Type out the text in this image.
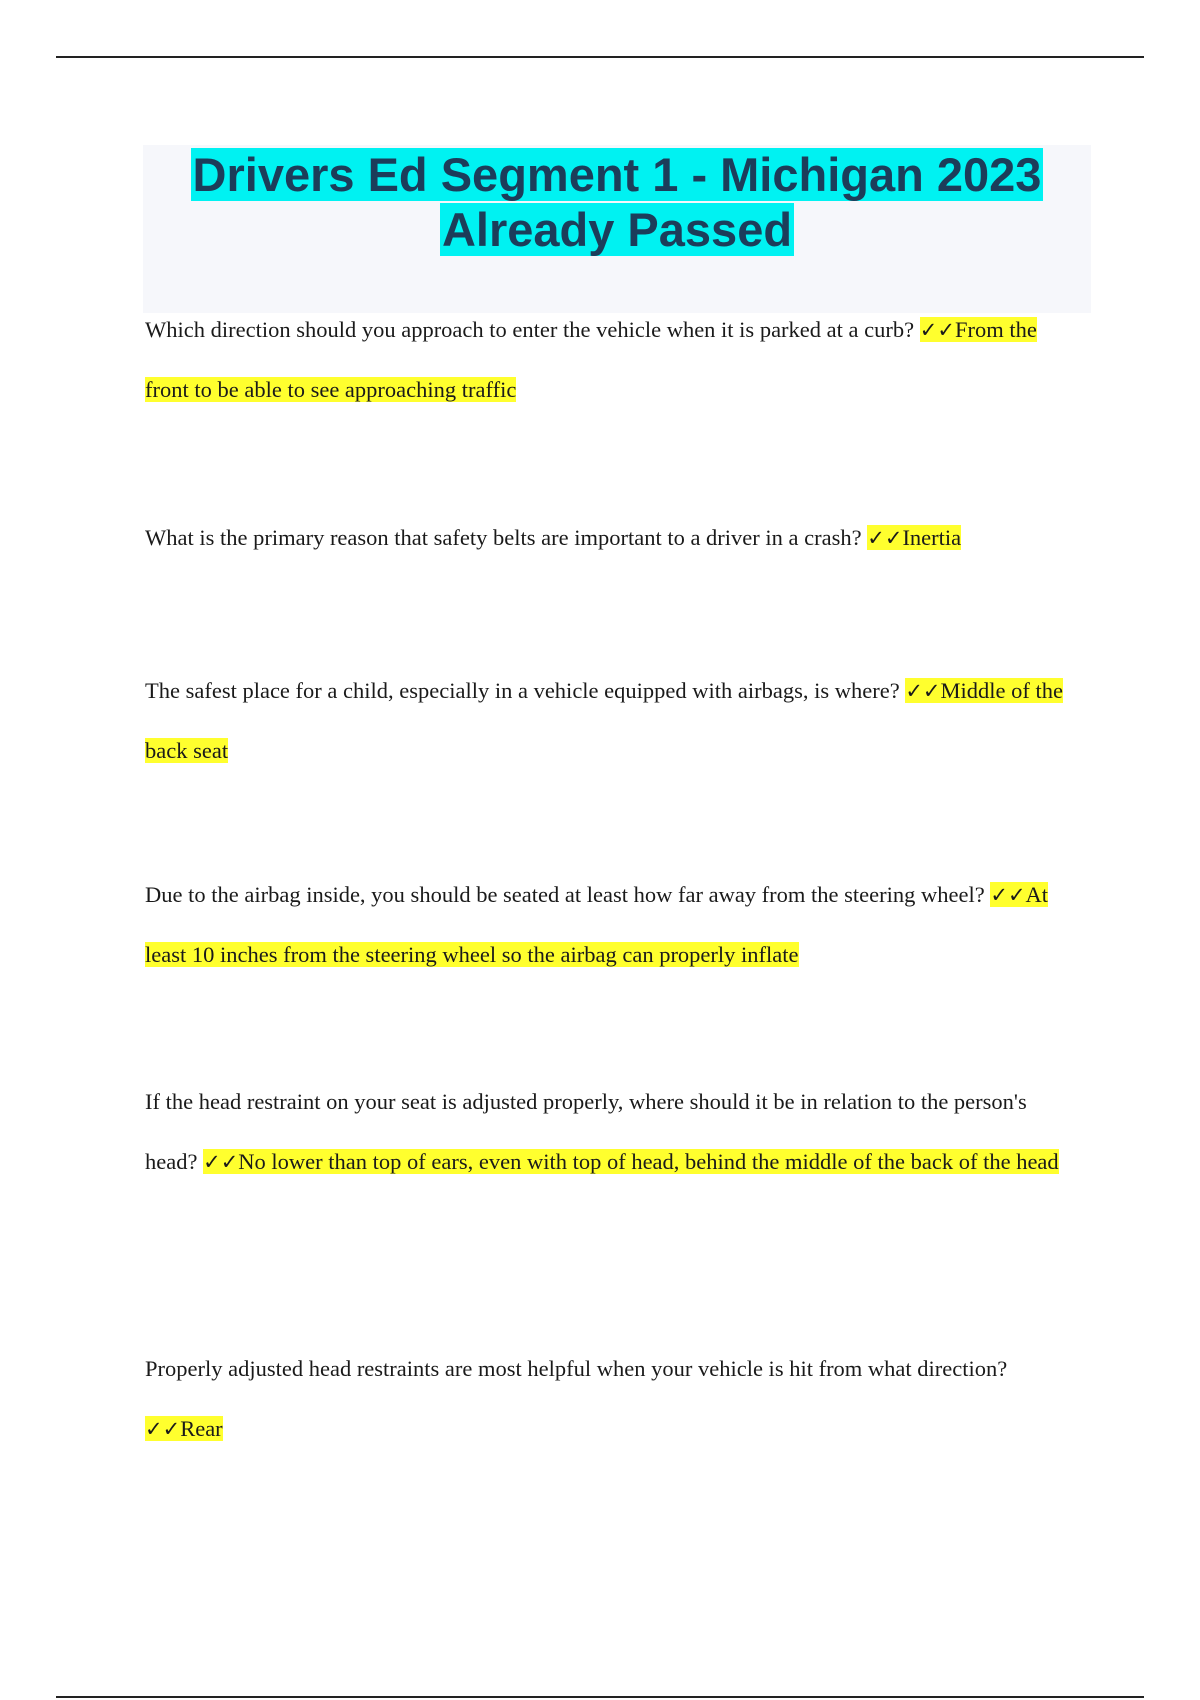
Drivers Ed Segment 1 - Michigan 2023
Already Passed

Which direction should you approach to enter the vehicle when it is parked at a curb? ✓✓From the front to be able to see approaching traffic

What is the primary reason that safety belts are important to a driver in a crash? ✓✓Inertia

The safest place for a child, especially in a vehicle equipped with airbags, is where? ✓✓Middle of the back seat

Due to the airbag inside, you should be seated at least how far away from the steering wheel? ✓✓At least 10 inches from the steering wheel so the airbag can properly inflate

If the head restraint on your seat is adjusted properly, where should it be in relation to the person's head? ✓✓No lower than top of ears, even with top of head, behind the middle of the back of the head

Properly adjusted head restraints are most helpful when your vehicle is hit from what direction? ✓✓Rear
